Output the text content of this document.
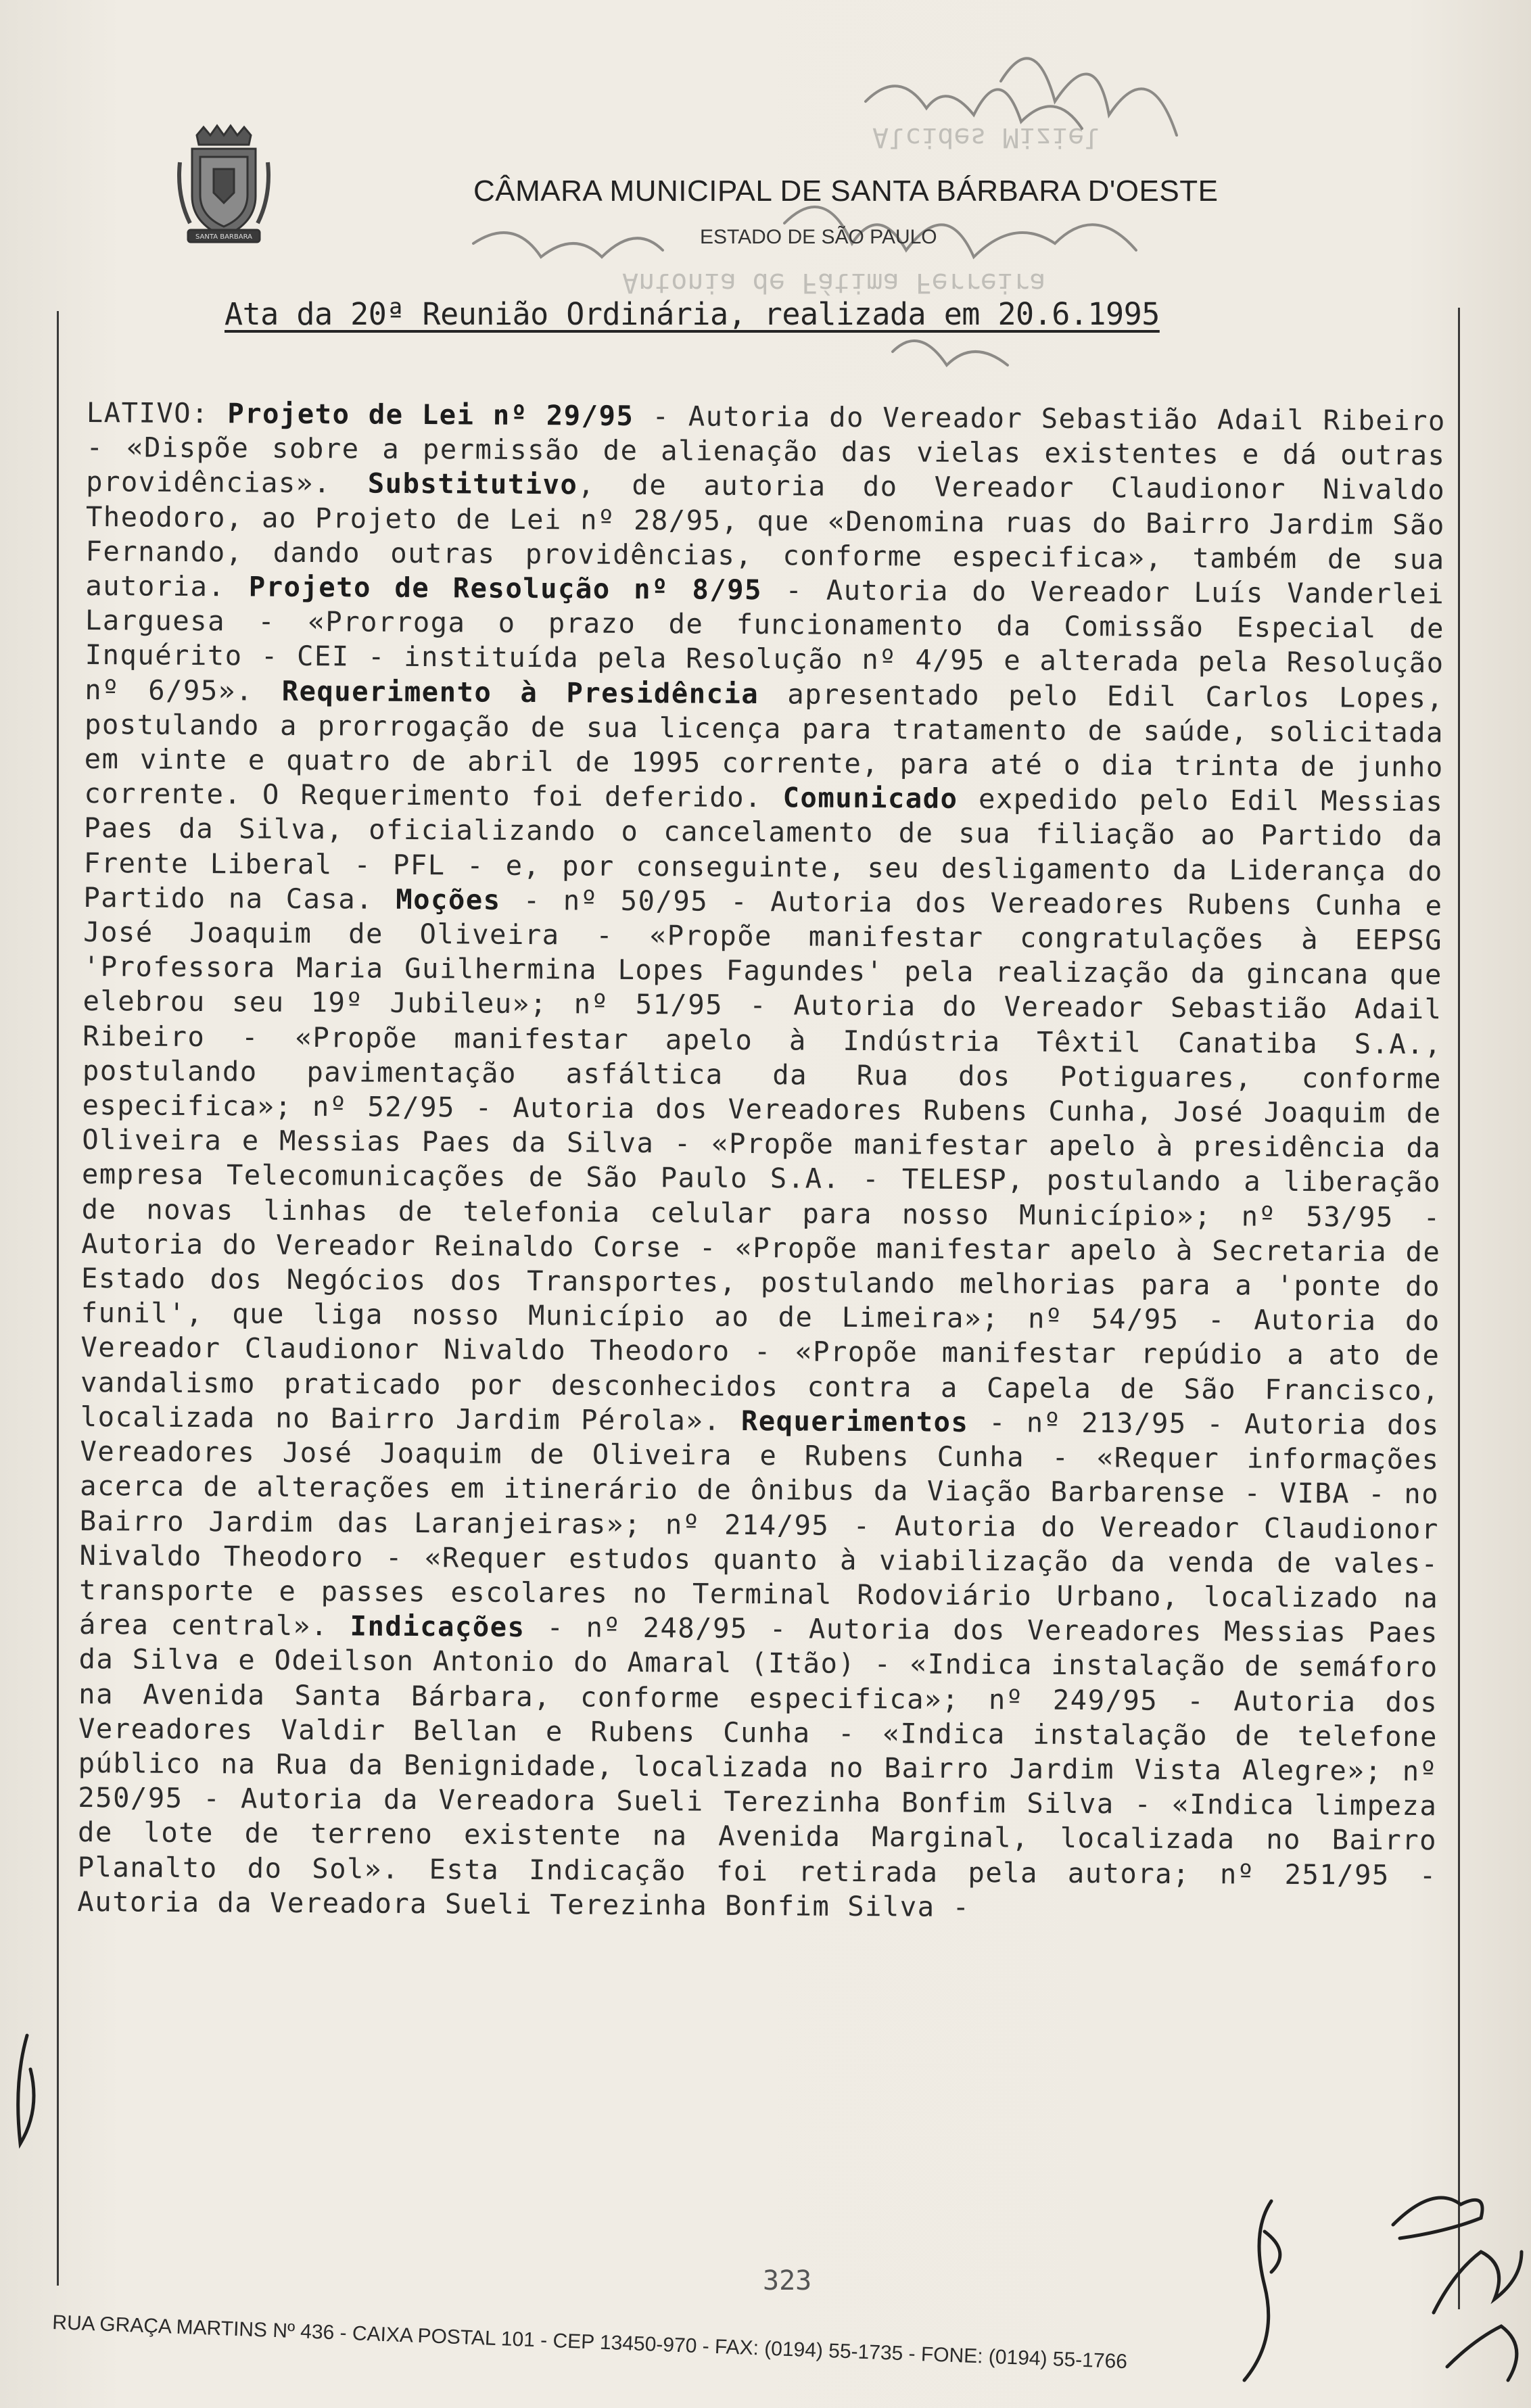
Alcides Miziel
Antonia de Fátima Ferreira
SANTA BARBARA
CÂMARA MUNICIPAL DE SANTA BÁRBARA D'OESTE
ESTADO DE SÃO PAULO
Ata da 20ª Reunião Ordinária, realizada em 20.6.1995
LATIVO: Projeto de Lei nº 29/95 - Autoria do Vereador Sebastião Adail Ribeiro - «Dispõe sobre a permissão de alienação das vielas existentes e dá outras providências». Substitutivo, de autoria do Vereador Claudionor Nivaldo Theodoro, ao Projeto de Lei nº 28/95, que «Denomina ruas do Bairro Jardim São Fernando, dando outras providências, conforme especifica», também de sua autoria. Projeto de Resolução nº 8/95 - Autoria do Vereador Luís Vanderlei Larguesa - «Prorroga o prazo de funcionamento da Comissão Especial de Inquérito - CEI - instituída pela Resolução nº 4/95 e alterada pela Resolução nº 6/95». Requerimento à Presidência apresentado pelo Edil Carlos Lopes, postulando a prorrogação de sua licença para tratamento de saúde, solicitada em vinte e quatro de abril de 1995 corrente, para até o dia trinta de junho corrente. O Requerimento foi deferido. Comunicado expedido pelo Edil Messias Paes da Silva, oficializando o cancelamento de sua filiação ao Partido da Frente Liberal - PFL - e, por conseguinte, seu desligamento da Liderança do Partido na Casa. Moções - nº 50/95 - Autoria dos Vereadores Rubens Cunha e José Joaquim de Oliveira - «Propõe manifestar congratulações à EEPSG 'Professora Maria Guilhermina Lopes Fagundes' pela realização da gincana que elebrou seu 19º Jubileu»; nº 51/95 - Autoria do Vereador Sebastião Adail Ribeiro - «Propõe manifestar apelo à Indústria Têxtil Canatiba S.A., postulando pavimentação asfáltica da Rua dos Potiguares, conforme especifica»; nº 52/95 - Autoria dos Vereadores Rubens Cunha, José Joaquim de Oliveira e Messias Paes da Silva - «Propõe manifestar apelo à presidência da empresa Telecomunicações de São Paulo S.A. - TELESP, postulando a liberação de novas linhas de telefonia celular para nosso Município»; nº 53/95 - Autoria do Vereador Reinaldo Corse - «Propõe manifestar apelo à Secretaria de Estado dos Negócios dos Transportes, postulando melhorias para a 'ponte do funil', que liga nosso Município ao de Limeira»; nº 54/95 - Autoria do Vereador Claudionor Nivaldo Theodoro - «Propõe manifestar repúdio a ato de vandalismo praticado por desconhecidos contra a Capela de São Francisco, localizada no Bairro Jardim Pérola». Requerimentos - nº 213/95 - Autoria dos Vereadores José Joaquim de Oliveira e Rubens Cunha - «Requer informações acerca de alterações em itinerário de ônibus da Viação Barbarense - VIBA - no Bairro Jardim das Laranjeiras»; nº 214/95 - Autoria do Vereador Claudionor Nivaldo Theodoro - «Requer estudos quanto à viabilização da venda de vales-transporte e passes escolares no Terminal Rodoviário Urbano, localizado na área central». Indicações - nº 248/95 - Autoria dos Vereadores Messias Paes da Silva e Odeilson Antonio do Amaral (Itão) - «Indica instalação de semáforo na Avenida Santa Bárbara, conforme especifica»; nº 249/95 - Autoria dos Vereadores Valdir Bellan e Rubens Cunha - «Indica instalação de telefone público na Rua da Benignidade, localizada no Bairro Jardim Vista Alegre»; nº 250/95 - Autoria da Vereadora Sueli Terezinha Bonfim Silva - «Indica limpeza de lote de terreno existente na Avenida Marginal, localizada no Bairro Planalto do Sol». Esta Indicação foi retirada pela autora; nº 251/95 - Autoria da Vereadora Sueli Terezinha Bonfim Silva -
323
RUA GRAÇA MARTINS Nº 436 - CAIXA POSTAL 101 - CEP 13450-970 - FAX: (0194) 55-1735 - FONE: (0194) 55-1766
